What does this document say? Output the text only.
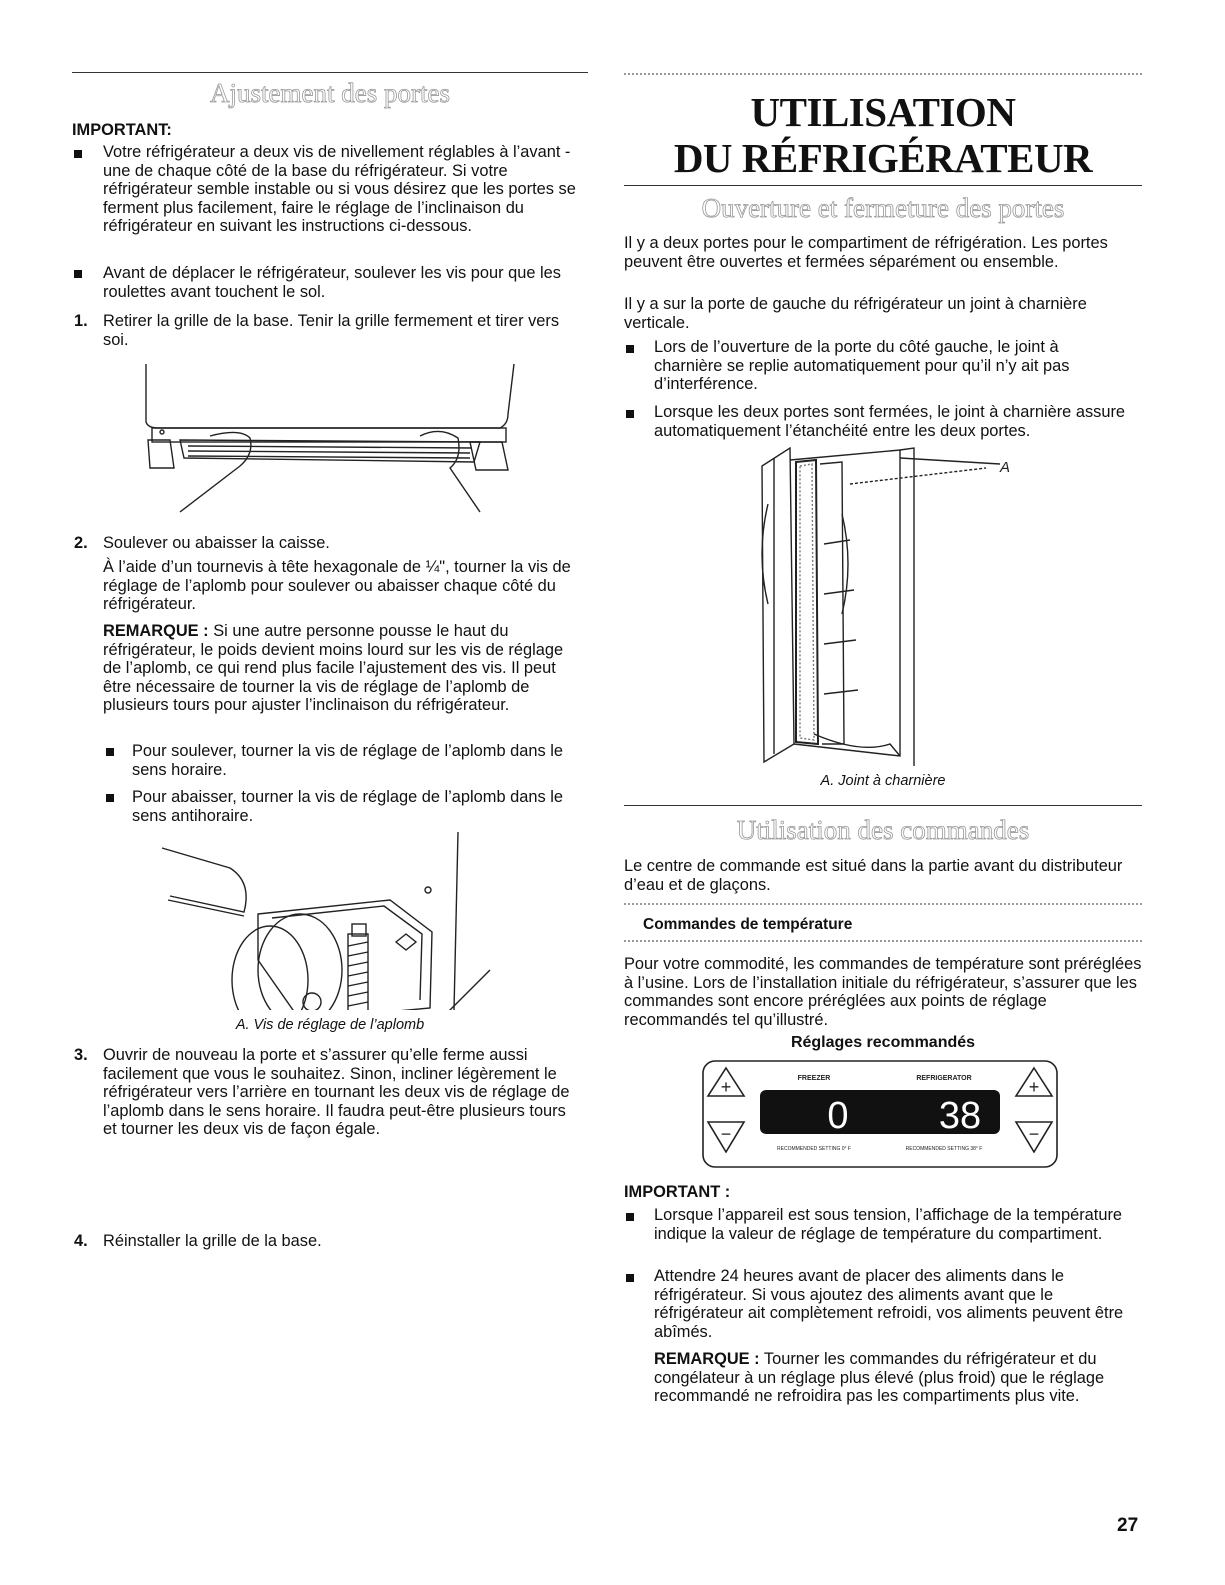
Ajustement des portes
IMPORTANT:
Votre réfrigérateur a deux vis de nivellement réglables à l’avant - une de chaque côté de la base du réfrigérateur. Si votre réfrigérateur semble instable ou si vous désirez que les portes se ferment plus facilement, faire le réglage de l’inclinaison du réfrigérateur en suivant les instructions ci-dessous.
Avant de déplacer le réfrigérateur, soulever les vis pour que les roulettes avant touchent le sol.
1. Retirer la grille de la base. Tenir la grille fermement et tirer vers soi.
2. Soulever ou abaisser la caisse.
À l’aide d’un tournevis à tête hexagonale de ¼", tourner la vis de réglage de l’aplomb pour soulever ou abaisser chaque côté du réfrigérateur.
REMARQUE : Si une autre personne pousse le haut du réfrigérateur, le poids devient moins lourd sur les vis de réglage de l’aplomb, ce qui rend plus facile l’ajustement des vis. Il peut être nécessaire de tourner la vis de réglage de l’aplomb de plusieurs tours pour ajuster l’inclinaison du réfrigérateur.
Pour soulever, tourner la vis de réglage de l’aplomb dans le sens horaire.
Pour abaisser, tourner la vis de réglage de l’aplomb dans le sens antihoraire.
A. Vis de réglage de l’aplomb
3. Ouvrir de nouveau la porte et s’assurer qu’elle ferme aussi facilement que vous le souhaitez. Sinon, incliner légèrement le réfrigérateur vers l’arrière en tournant les deux vis de réglage de l’aplomb dans le sens horaire. Il faudra peut-être plusieurs tours et tourner les deux vis de façon égale.
4. Réinstaller la grille de la base.
UTILISATION
DU RÉFRIGÉRATEUR
Ouverture et fermeture des portes
Il y a deux portes pour le compartiment de réfrigération. Les portes peuvent être ouvertes et fermées séparément ou ensemble.
Il y a sur la porte de gauche du réfrigérateur un joint à charnière verticale.
Lors de l’ouverture de la porte du côté gauche, le joint à charnière se replie automatiquement pour qu’il n’y ait pas d’interférence.
Lorsque les deux portes sont fermées, le joint à charnière assure automatiquement l’étanchéité entre les deux portes.
A
A. Joint à charnière
Utilisation des commandes
Le centre de commande est situé dans la partie avant du distributeur d’eau et de glaçons.
Commandes de température
Pour votre commodité, les commandes de température sont préréglées à l’usine. Lors de l’installation initiale du réfrigérateur, s’assurer que les commandes sont encore préréglées aux points de réglage recommandés tel qu’illustré.
Réglages recommandés
+
−
+
−
FREEZER	REFRIGERATOR
0 38
RECOMMENDED SETTING 0° F	RECOMMENDED SETTING 38° F
IMPORTANT :
Lorsque l’appareil est sous tension, l’affichage de la température indique la valeur de réglage de température du compartiment.
Attendre 24 heures avant de placer des aliments dans le réfrigérateur. Si vous ajoutez des aliments avant que le réfrigérateur ait complètement refroidi, vos aliments peuvent être abîmés.
REMARQUE : Tourner les commandes du réfrigérateur et du congélateur à un réglage plus élevé (plus froid) que le réglage recommandé ne refroidira pas les compartiments plus vite.
27
